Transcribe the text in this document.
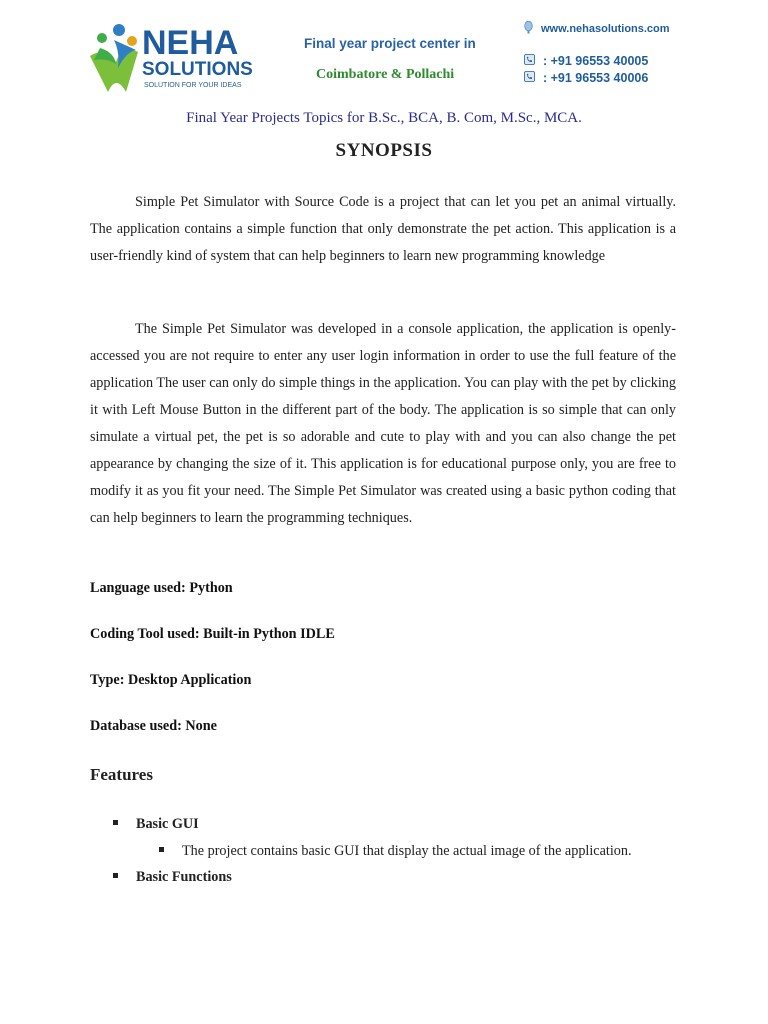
NEHA
SOLUTIONS
SOLUTION FOR YOUR IDEAS
Final year project center in
Coimbatore & Pollachi
www.nehasolutions.com
: +91 96553 40005
: +91 96553 40006
Final Year Projects Topics for B.Sc., BCA, B. Com, M.Sc., MCA.
SYNOPSIS
Simple Pet Simulator with Source Code is a project that can let you pet an animal virtually. The application contains a simple function that only demonstrate the pet action. This application is a user-friendly kind of system that can help beginners to learn new programming knowledge
The Simple Pet Simulator was developed in a console application, the application is openly-accessed you are not require to enter any user login information in order to use the full feature of the application The user can only do simple things in the application. You can play with the pet by clicking it with Left Mouse Button in the different part of the body. The application is so simple that can only simulate a virtual pet, the pet is so adorable and cute to play with and you can also change the pet appearance by changing the size of it. This application is for educational purpose only, you are free to modify it as you fit your need. The Simple Pet Simulator was created using a basic python coding that can help beginners to learn the programming techniques.
Language used: Python
Coding Tool used: Built-in Python IDLE
Type: Desktop Application
Database used: None
Features
Basic GUI
The project contains basic GUI that display the actual image of the application.
Basic Functions
